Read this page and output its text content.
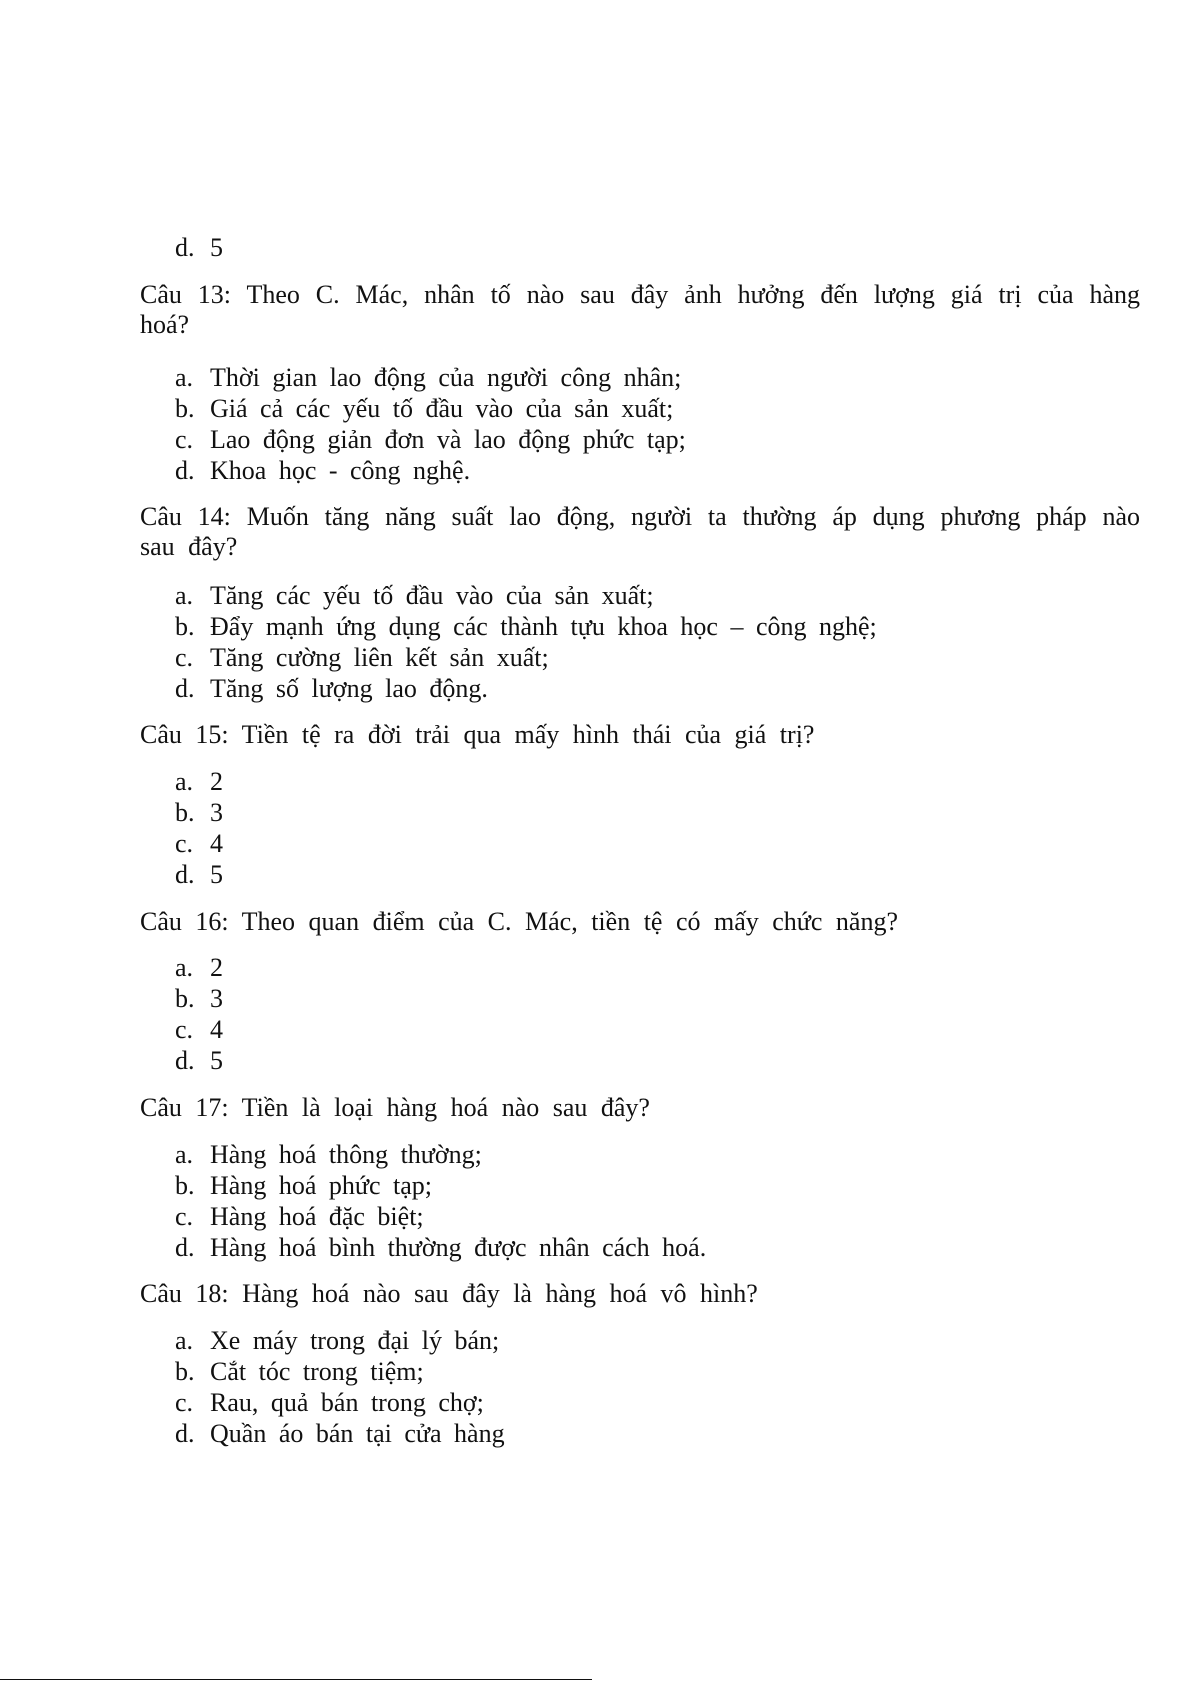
d. 5
Câu 13: Theo C. Mác, nhân tố nào sau đây ảnh hưởng đến lượng giá trị của hàng
hoá?
a. Thời gian lao động của người công nhân;
b. Giá cả các yếu tố đầu vào của sản xuất;
c. Lao động giản đơn và lao động phức tạp;
d. Khoa học - công nghệ.
Câu 14: Muốn tăng năng suất lao động, người ta thường áp dụng phương pháp nào
sau đây?
a. Tăng các yếu tố đầu vào của sản xuất;
b. Đẩy mạnh ứng dụng các thành tựu khoa học – công nghệ;
c. Tăng cường liên kết sản xuất;
d. Tăng số lượng lao động.
Câu 15: Tiền tệ ra đời trải qua mấy hình thái của giá trị?
a. 2
b. 3
c. 4
d. 5
Câu 16: Theo quan điểm của C. Mác, tiền tệ có mấy chức năng?
a. 2
b. 3
c. 4
d. 5
Câu 17: Tiền là loại hàng hoá nào sau đây?
a. Hàng hoá thông thường;
b. Hàng hoá phức tạp;
c. Hàng hoá đặc biệt;
d. Hàng hoá bình thường được nhân cách hoá.
Câu 18: Hàng hoá nào sau đây là hàng hoá vô hình?
a. Xe máy trong đại lý bán;
b. Cắt tóc trong tiệm;
c. Rau, quả bán trong chợ;
d. Quần áo bán tại cửa hàng
